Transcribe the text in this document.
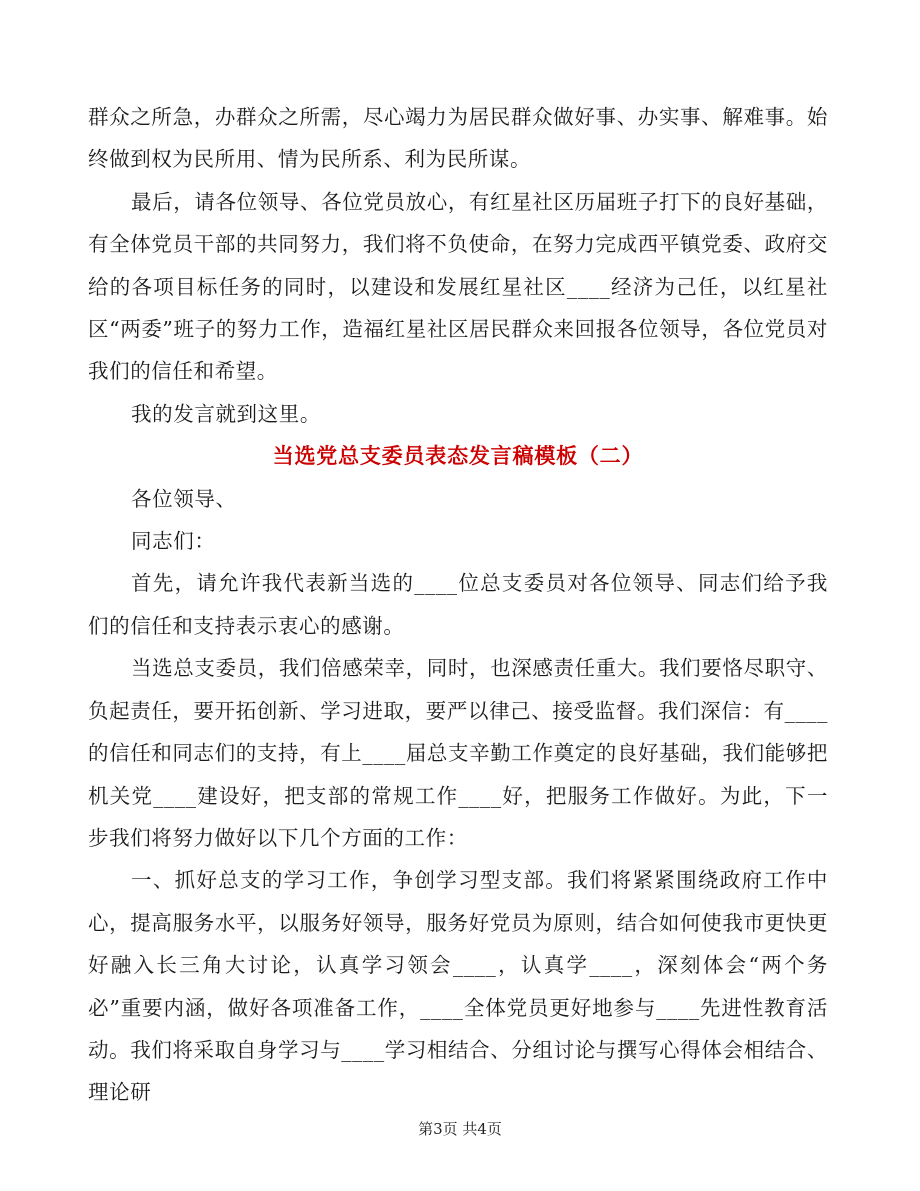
群众之所急，办群众之所需，尽心竭力为居民群众做好事、办实事、解难事。始终做到权为民所用、情为民所系、利为民所谋。

最后，请各位领导、各位党员放心，有红星社区历届班子打下的良好基础，有全体党员干部的共同努力，我们将不负使命，在努力完成西平镇党委、政府交给的各项目标任务的同时，以建设和发展红星社区____经济为己任，以红星社区“两委”班子的努力工作，造福红星社区居民群众来回报各位领导，各位党员对我们的信任和希望。

我的发言就到这里。

当选党总支委员表态发言稿模板（二）

各位领导、

同志们：

首先，请允许我代表新当选的____位总支委员对各位领导、同志们给予我们的信任和支持表示衷心的感谢。

当选总支委员，我们倍感荣幸，同时，也深感责任重大。我们要恪尽职守、负起责任，要开拓创新、学习进取，要严以律己、接受监督。我们深信：有____的信任和同志们的支持，有上____届总支辛勤工作奠定的良好基础，我们能够把机关党____建设好，把支部的常规工作____好，把服务工作做好。为此，下一步我们将努力做好以下几个方面的工作：

一、抓好总支的学习工作，争创学习型支部。我们将紧紧围绕政府工作中心，提高服务水平，以服务好领导，服务好党员为原则，结合如何使我市更快更好融入长三角大讨论，认真学习领会____，认真学____，深刻体会“两个务必”重要内涵，做好各项准备工作，____全体党员更好地参与____先进性教育活动。我们将采取自身学习与____学习相结合、分组讨论与撰写心得体会相结合、理论研

第3页 共4页
